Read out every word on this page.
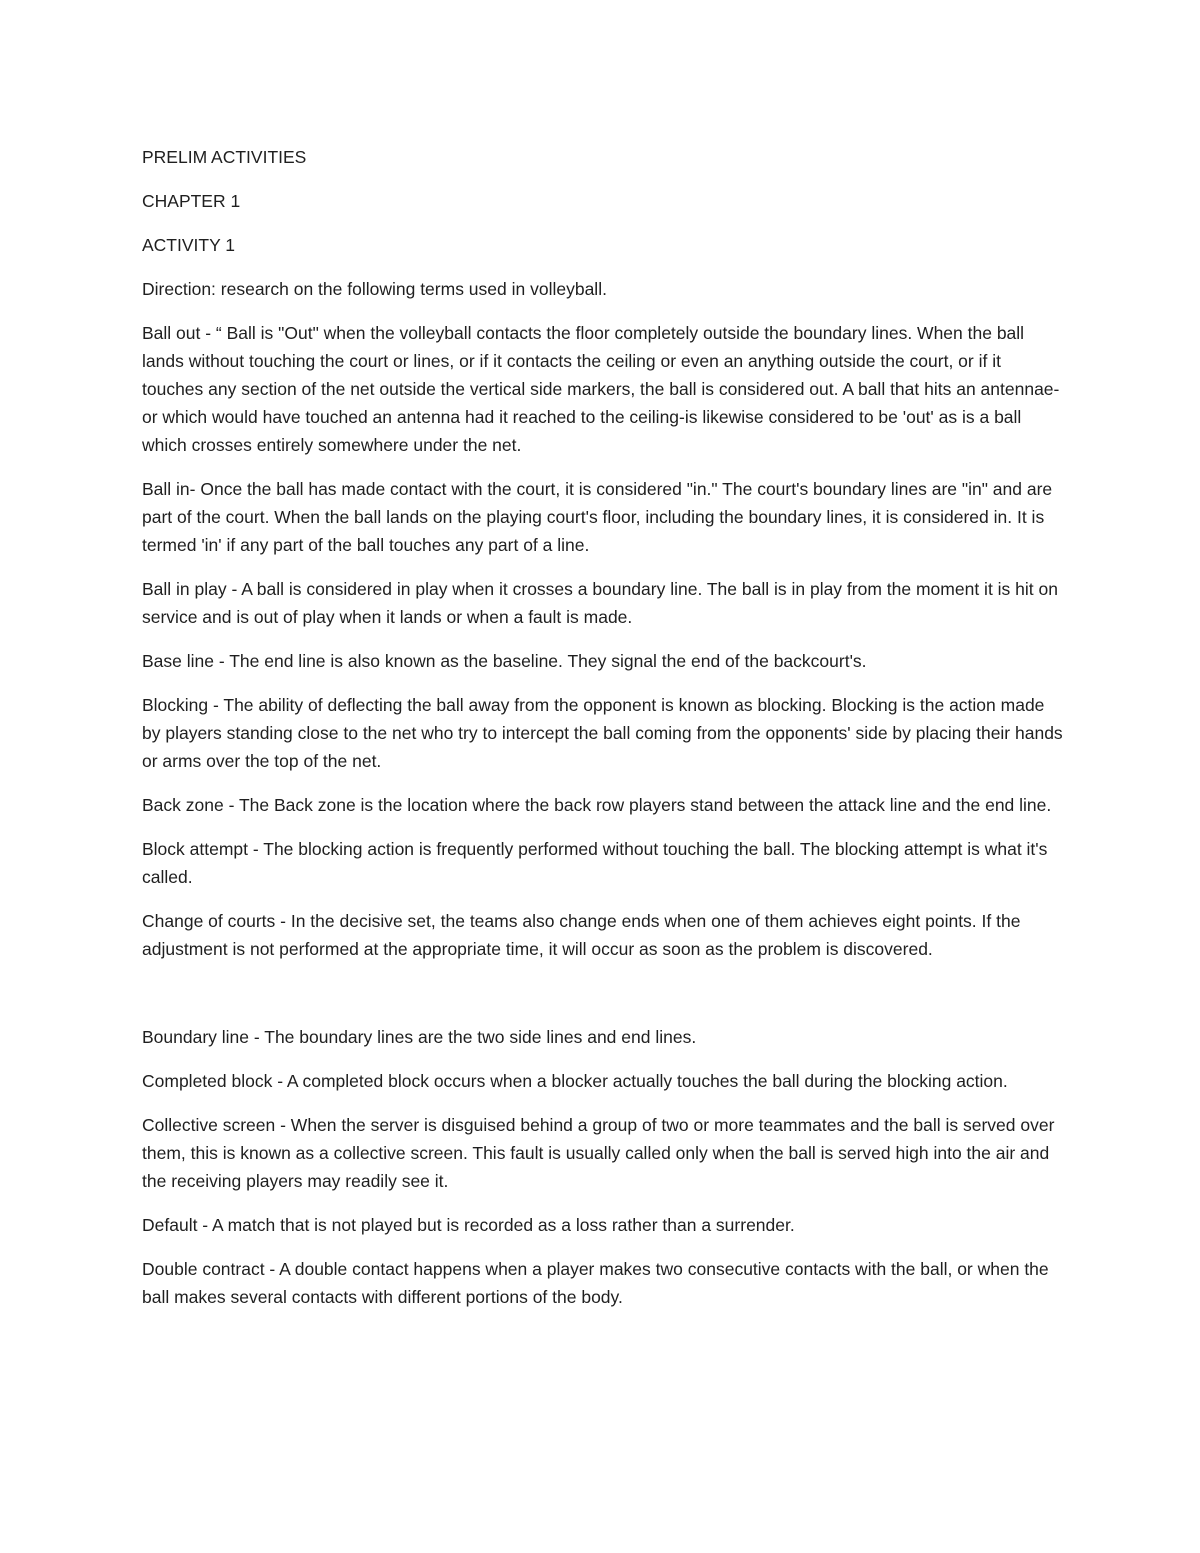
PRELIM ACTIVITIES

CHAPTER 1

ACTIVITY 1

Direction: research on the following terms used in volleyball.

Ball out - “ Ball is "Out" when the volleyball contacts the floor completely outside the boundary lines. When the ball lands without touching the court or lines, or if it contacts the ceiling or even an anything outside the court, or if it touches any section of the net outside the vertical side markers, the ball is considered out. A ball that hits an antennae-or which would have touched an antenna had it reached to the ceiling-is likewise considered to be 'out' as is a ball which crosses entirely somewhere under the net.

Ball in- Once the ball has made contact with the court, it is considered "in." The court's boundary lines are "in" and are part of the court. When the ball lands on the playing court's floor, including the boundary lines, it is considered in. It is termed 'in' if any part of the ball touches any part of a line.

Ball in play - A ball is considered in play when it crosses a boundary line. The ball is in play from the moment it is hit on service and is out of play when it lands or when a fault is made.

Base line - The end line is also known as the baseline. They signal the end of the backcourt's.

Blocking - The ability of deflecting the ball away from the opponent is known as blocking. Blocking is the action made by players standing close to the net who try to intercept the ball coming from the opponents' side by placing their hands or arms over the top of the net.

Back zone - The Back zone is the location where the back row players stand between the attack line and the end line.

Block attempt - The blocking action is frequently performed without touching the ball. The blocking attempt is what it's called.

Change of courts - In the decisive set, the teams also change ends when one of them achieves eight points. If the adjustment is not performed at the appropriate time, it will occur as soon as the problem is discovered.

Boundary line - The boundary lines are the two side lines and end lines.

Completed block - A completed block occurs when a blocker actually touches the ball during the blocking action.

Collective screen - When the server is disguised behind a group of two or more teammates and the ball is served over them, this is known as a collective screen. This fault is usually called only when the ball is served high into the air and the receiving players may readily see it.

Default - A match that is not played but is recorded as a loss rather than a surrender.

Double contract - A double contact happens when a player makes two consecutive contacts with the ball, or when the ball makes several contacts with different portions of the body.
